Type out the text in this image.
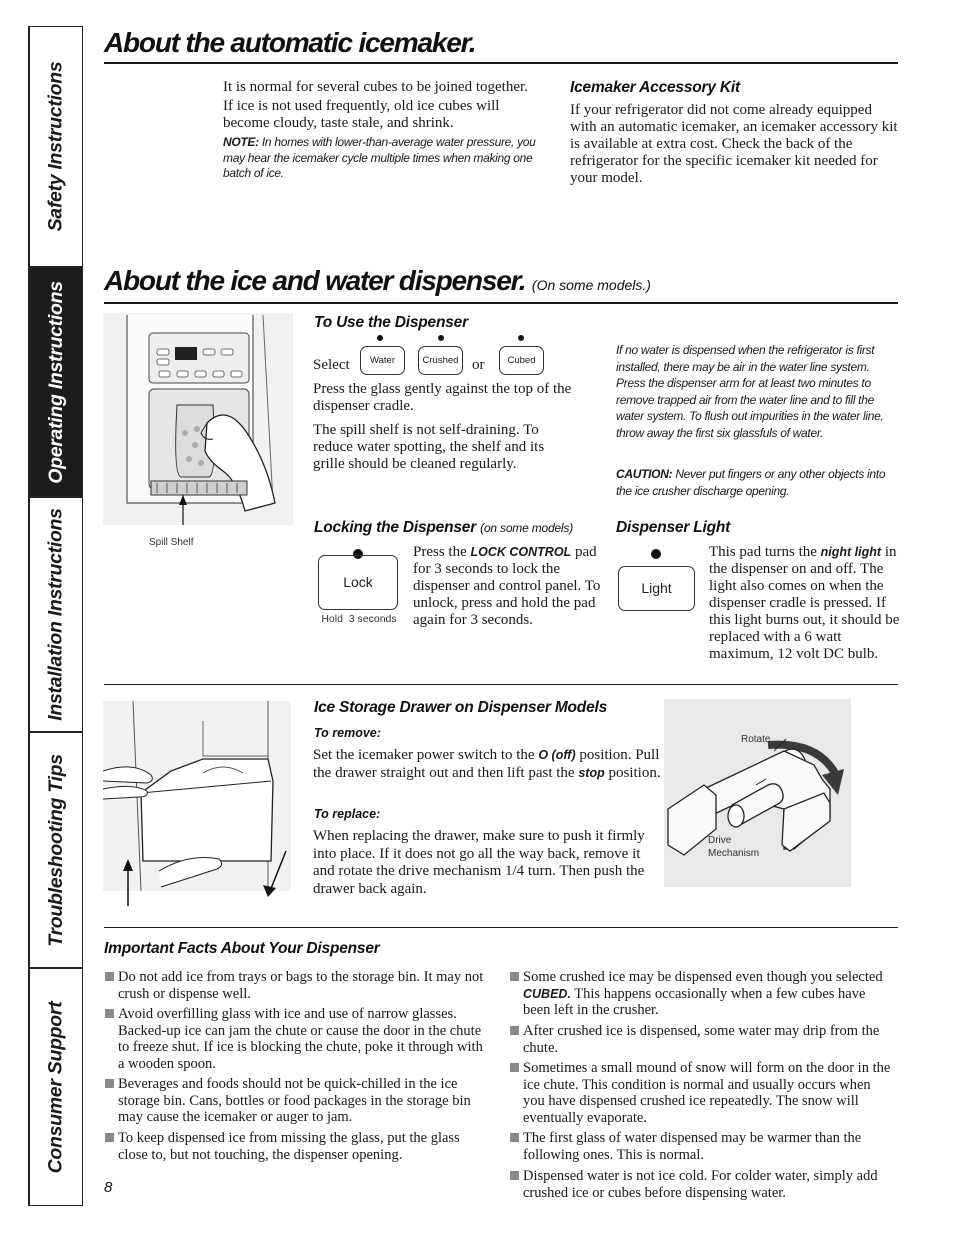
Safety Instructions
Operating Instructions
Installation Instructions
Troubleshooting Tips
Consumer Support
About the automatic icemaker.

It is normal for several cubes to be joined together.

If ice is not used frequently, old ice cubes will become cloudy, taste stale, and shrink.

NOTE: In homes with lower-than-average water pressure, you may hear the icemaker cycle multiple times when making one batch of ice.

Icemaker Accessory Kit

If your refrigerator did not come already equipped with an automatic icemaker, an icemaker accessory kit is available at extra cost. Check the back of the refrigerator for the specific icemaker kit needed for your model.

About the ice and water dispenser. (On some models.)
Spill Shelf
To Use the Dispenser

Select	Water	Crushed or	Cubed

Press the glass gently against the top of the dispenser cradle.

The spill shelf is not self-draining. To reduce water spotting, the shelf and its grille should be cleaned regularly.

If no water is dispensed when the refrigerator is first installed, there may be air in the water line system. Press the dispenser arm for at least two minutes to remove trapped air from the water line and to fill the water system. To flush out impurities in the water line, throw away the first six glassfuls of water.

CAUTION: Never put fingers or any other objects into the ice crusher discharge opening.

Locking the Dispenser (on some models)
Lock
Hold  3 seconds

Press the LOCK CONTROL pad for 3 seconds to lock the dispenser and control panel. To unlock, press and hold the pad again for 3 seconds.

Dispenser Light
Light

This pad turns the night light in the dispenser on and off. The light also comes on when the dispenser cradle is pressed. If this light burns out, it should be replaced with a 6 watt maximum, 12 volt DC bulb.

Ice Storage Drawer on Dispenser Models
To remove:

Set the icemaker power switch to the O (off) position. Pull the drawer straight out and then lift past the stop position.

To replace:

When replacing the drawer, make sure to push it firmly into place. If it does not go all the way back, remove it and rotate the drive mechanism 1/4 turn. Then push the drawer back again.

Rotate
Drive Mechanism
Important Facts About Your Dispenser

Do not add ice from trays or bags to the storage bin. It may not crush or dispense well.

Avoid overfilling glass with ice and use of narrow glasses. Backed-up ice can jam the chute or cause the door in the chute to freeze shut. If ice is blocking the chute, poke it through with a wooden spoon.

Beverages and foods should not be quick-chilled in the ice storage bin. Cans, bottles or food packages in the storage bin may cause the icemaker or auger to jam.

To keep dispensed ice from missing the glass, put the glass close to, but not touching, the dispenser opening.

Some crushed ice may be dispensed even though you selected CUBED. This happens occasionally when a few cubes have been left in the crusher.

After crushed ice is dispensed, some water may drip from the chute.

Sometimes a small mound of snow will form on the door in the ice chute. This condition is normal and usually occurs when you have dispensed crushed ice repeatedly. The snow will eventually evaporate.

The first glass of water dispensed may be warmer than the following ones. This is normal.

Dispensed water is not ice cold. For colder water, simply add crushed ice or cubes before dispensing water.

8
